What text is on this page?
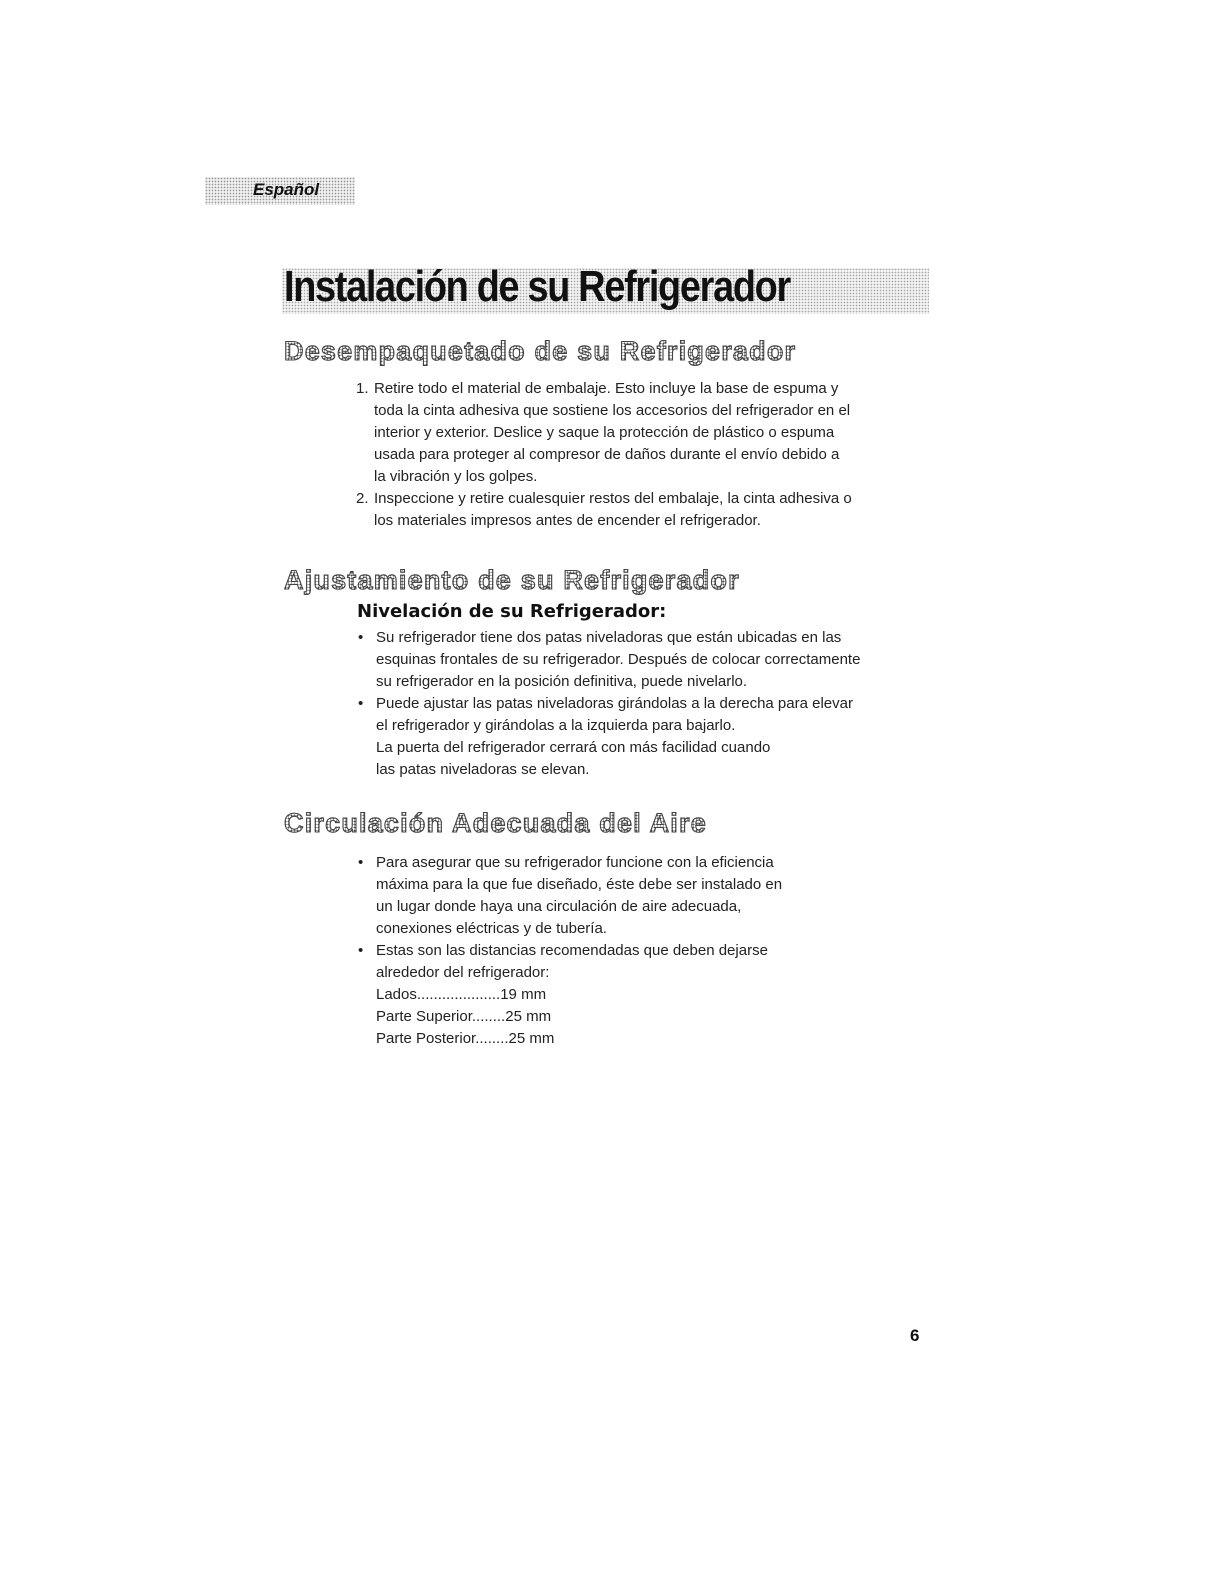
Español
Instalación de su Refrigerador
Desempaquetado de su Refrigerador
1. Retire todo el material de embalaje. Esto incluye la base de espuma y
toda la cinta adhesiva que sostiene los accesorios del refrigerador en el
interior y exterior. Deslice y saque la protección de plástico o espuma
usada para proteger al compresor de daños durante el envío debido a
la vibración y los golpes.
2. Inspeccione y retire cualesquier restos del embalaje, la cinta adhesiva o
los materiales impresos antes de encender el refrigerador.
Ajustamiento de su Refrigerador
Nivelación de su Refrigerador:
• Su refrigerador tiene dos patas niveladoras que están ubicadas en las
esquinas frontales de su refrigerador. Después de colocar correctamente
su refrigerador en la posición definitiva, puede nivelarlo.
• Puede ajustar las patas niveladoras girándolas a la derecha para elevar
el refrigerador y girándolas a la izquierda para bajarlo.
La puerta del refrigerador cerrará con más facilidad cuando
las patas niveladoras se elevan.
Circulación Adecuada del Aire
• Para asegurar que su refrigerador funcione con la eficiencia
máxima para la que fue diseñado, éste debe ser instalado en
un lugar donde haya una circulación de aire adecuada,
conexiones eléctricas y de tubería.
• Estas son las distancias recomendadas que deben dejarse
alrededor del refrigerador:
Lados....................19 mm
Parte Superior........25 mm
Parte Posterior........25 mm
6
